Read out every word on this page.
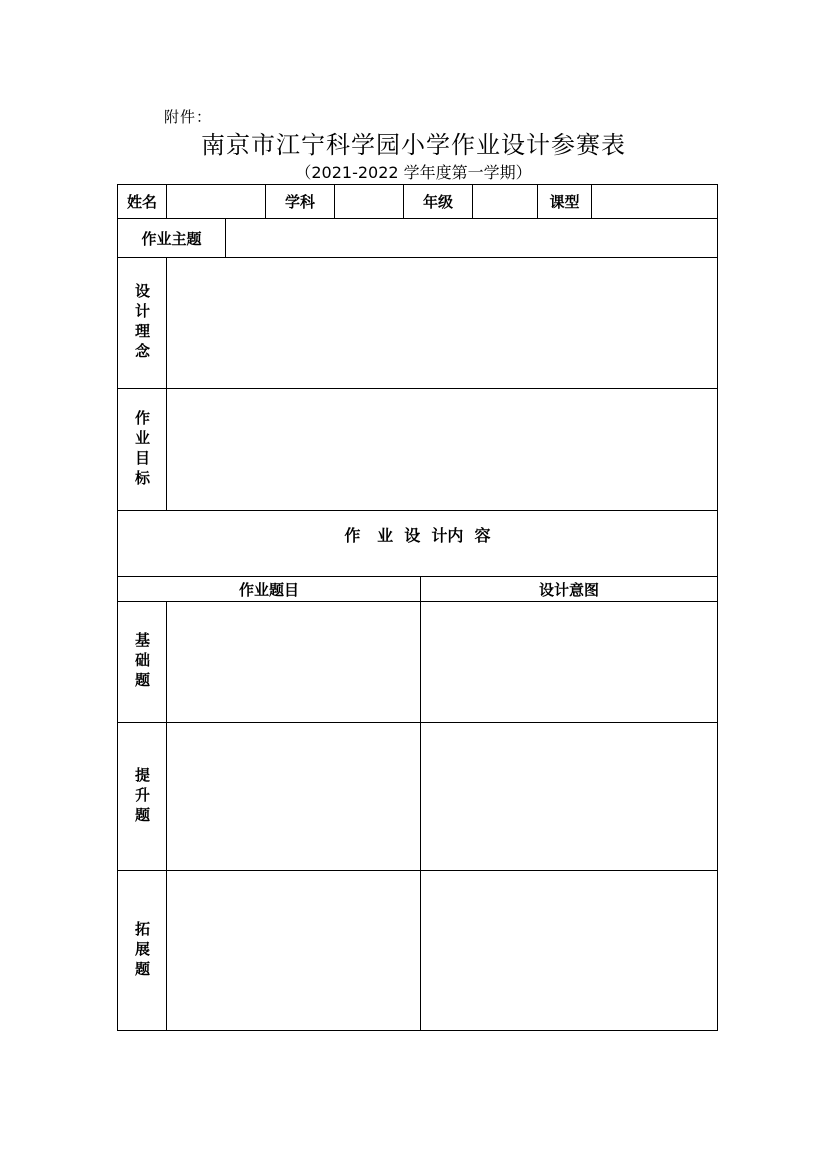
附件：
南京市江宁科学园小学作业设计参赛表
（2021-2022 学年度第一学期）
姓名	学科	年级	课型
作业主题
设计理念
作业目标
作   业  设  计内  容
作业题目	设计意图
基础题
提升题
拓展题
